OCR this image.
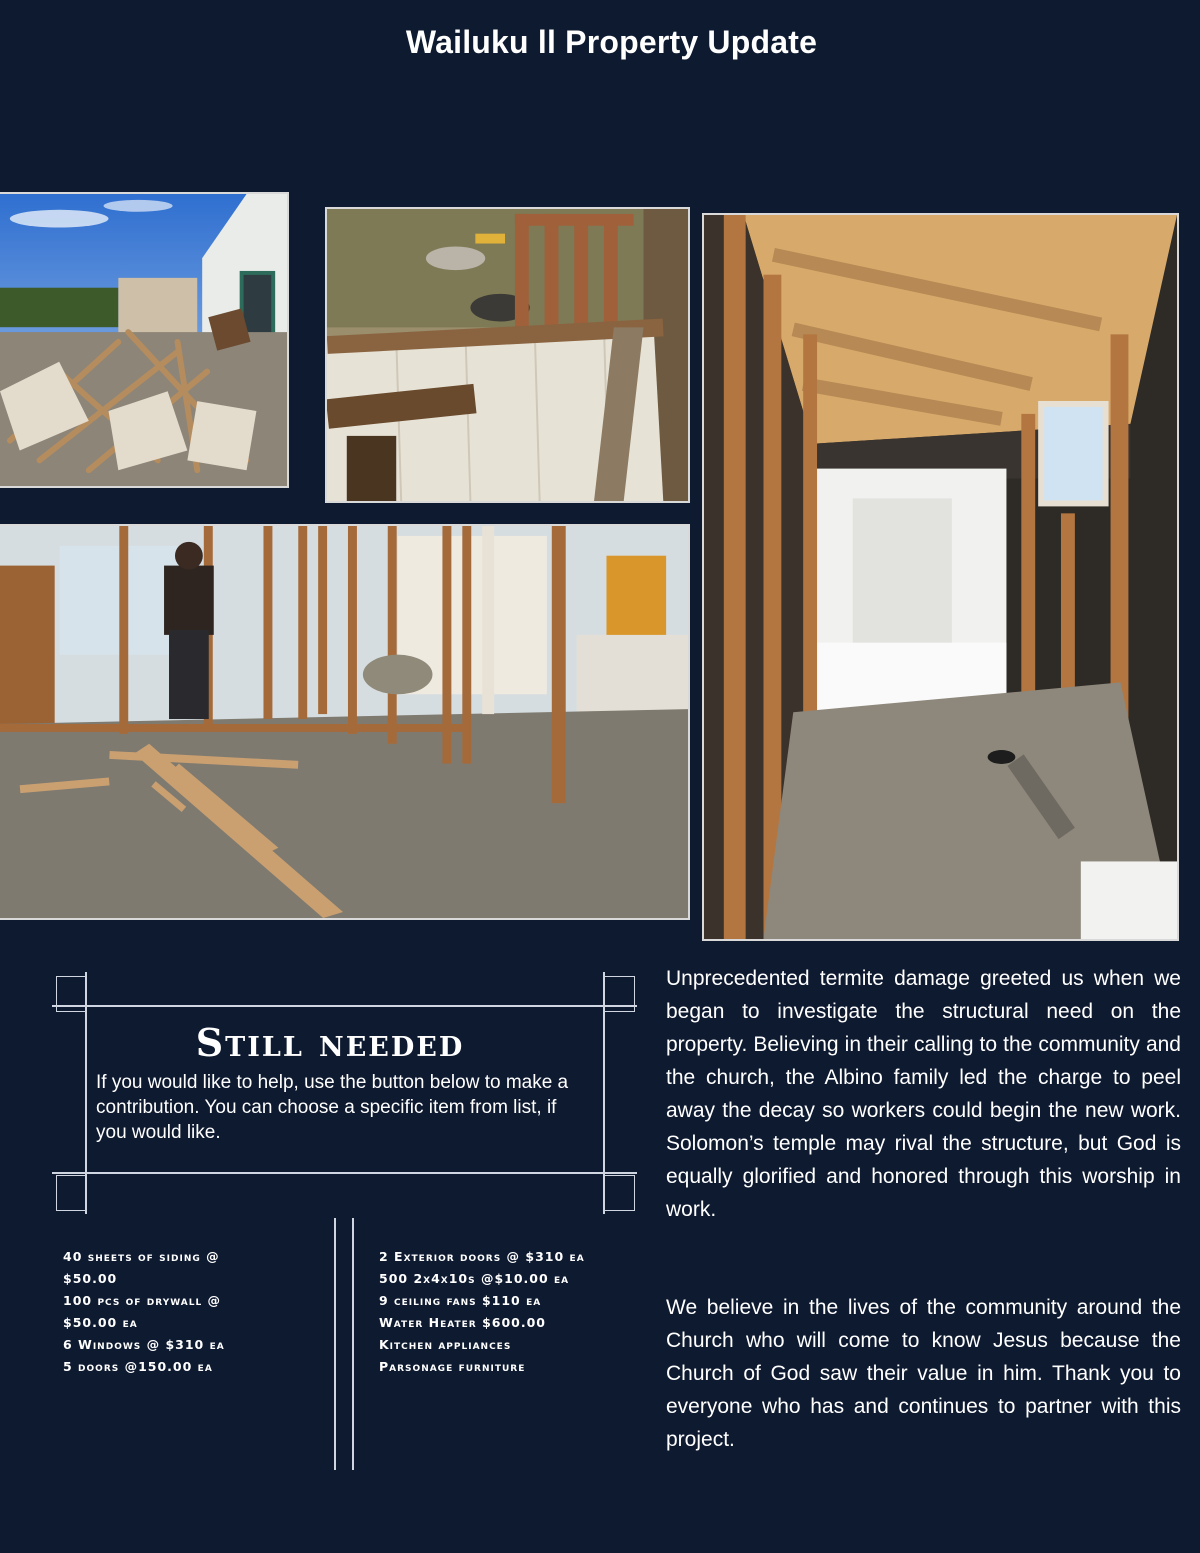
Wailuku ll Property Update
Still needed
If you would like to help, use the button below to make a contribution. You can choose a specific item from list, if you would like.
40 sheets of siding @
$50.00
100 pcs of drywall @
$50.00 ea
6 Windows @ $310 ea
5 doors @150.00 ea
2 Exterior doors @ $310 ea
500 2x4x10s @$10.00 ea
9 ceiling fans $110 ea
Water Heater $600.00
Kitchen appliances
Parsonage furniture
Unprecedented termite damage greeted us when we began to investigate the structural need on the property. Believing in their calling to the community and the church, the Albino family led the charge to peel away the decay so workers could begin the new work. Solomon’s temple may rival the structure, but God is equally glorified and honored through this worship in work.
We believe in the lives of the community around the Church who will come to know Jesus because the Church of God saw their value in him. Thank you to everyone who has and continues to partner with this project.
